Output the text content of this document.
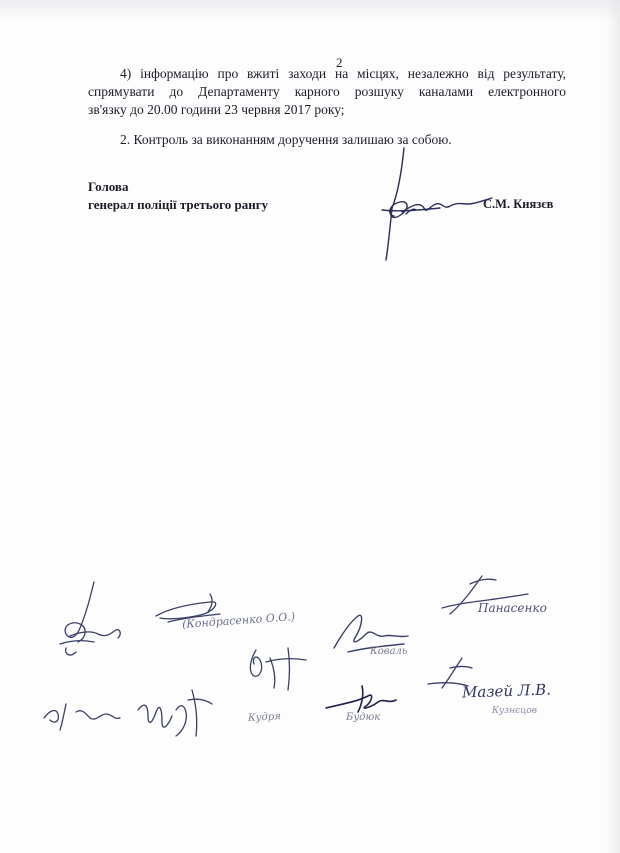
2
4) інформацію про вжиті заходи на місцях, незалежно від результату,
спрямувати до Департаменту карного розшуку каналами електронного
зв'язку до 20.00 години 23 червня 2017 року;
2. Контроль за виконанням доручення залишаю за собою.
Голова
генерал поліції третього рангу	С.М. Князєв
(Кондрасенко О.О.)
Панасенко
Коваль
Кудря	Будюк
Мазей Л.В.
Кузнєцов
